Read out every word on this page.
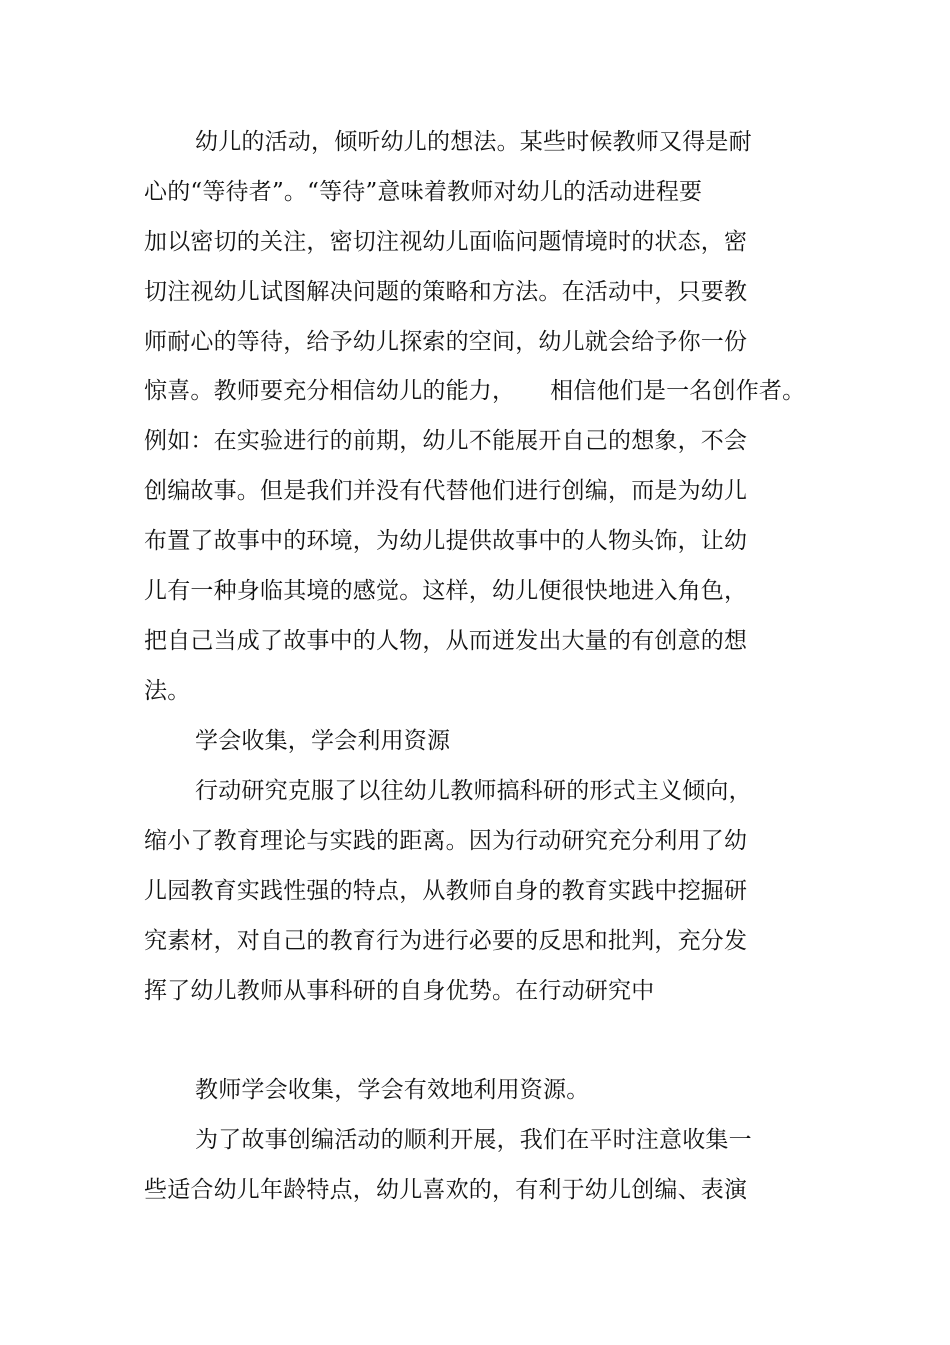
幼儿的活动，倾听幼儿的想法。某些时候教师又得是耐
心的“等待者”。“等待”意味着教师对幼儿的活动进程要
加以密切的关注，密切注视幼儿面临问题情境时的状态，密
切注视幼儿试图解决问题的策略和方法。在活动中，只要教
师耐心的等待，给予幼儿探索的空间，幼儿就会给予你一份
惊喜。教师要充分相信幼儿的能力，　　相信他们是一名创作者。
例如：在实验进行的前期，幼儿不能展开自己的想象，不会
创编故事。但是我们并没有代替他们进行创编，而是为幼儿
布置了故事中的环境，为幼儿提供故事中的人物头饰，让幼
儿有一种身临其境的感觉。这样，幼儿便很快地进入角色，
把自己当成了故事中的人物，从而迸发出大量的有创意的想
法。
学会收集，学会利用资源
行动研究克服了以往幼儿教师搞科研的形式主义倾向，
缩小了教育理论与实践的距离。因为行动研究充分利用了幼
儿园教育实践性强的特点，从教师自身的教育实践中挖掘研
究素材，对自己的教育行为进行必要的反思和批判，充分发
挥了幼儿教师从事科研的自身优势。在行动研究中
教师学会收集，学会有效地利用资源。
为了故事创编活动的顺利开展，我们在平时注意收集一
些适合幼儿年龄特点，幼儿喜欢的，有利于幼儿创编、表演
